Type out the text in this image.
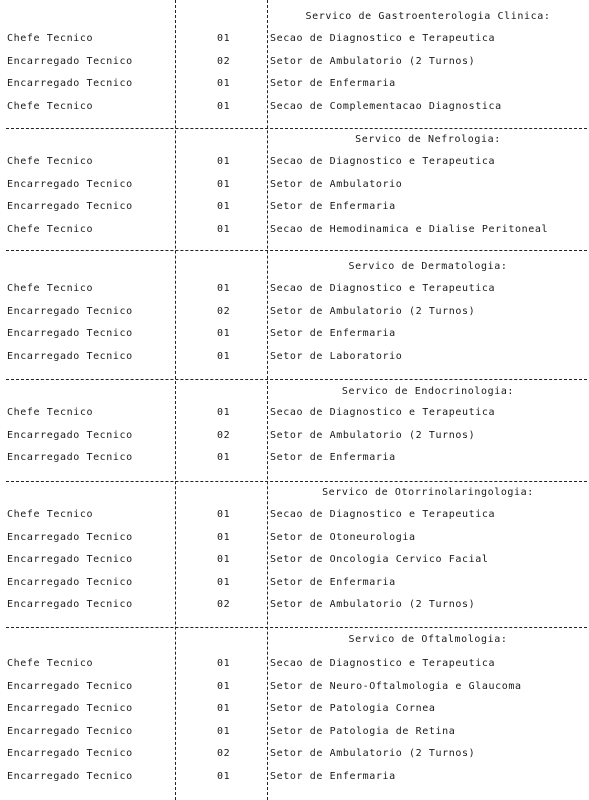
Servico de Gastroenterologia Clinica:
Chefe Tecnico	01	Secao de Diagnostico e Terapeutica
Encarregado Tecnico	02	Setor de Ambulatorio (2 Turnos)
Encarregado Tecnico	01	Setor de Enfermaria
Chefe Tecnico	01	Secao de Complementacao Diagnostica
Servico de Nefrologia:
Chefe Tecnico	01	Secao de Diagnostico e Terapeutica
Encarregado Tecnico	01	Setor de Ambulatorio
Encarregado Tecnico	01	Setor de Enfermaria
Chefe Tecnico	01	Secao de Hemodinamica e Dialise Peritoneal
Servico de Dermatologia:
Chefe Tecnico	01	Secao de Diagnostico e Terapeutica
Encarregado Tecnico	02	Setor de Ambulatorio (2 Turnos)
Encarregado Tecnico	01	Setor de Enfermaria
Encarregado Tecnico	01	Setor de Laboratorio
Servico de Endocrinologia:
Chefe Tecnico	01	Secao de Diagnostico e Terapeutica
Encarregado Tecnico	02	Setor de Ambulatorio (2 Turnos)
Encarregado Tecnico	01	Setor de Enfermaria
Servico de Otorrinolaringologia:
Chefe Tecnico	01	Secao de Diagnostico e Terapeutica
Encarregado Tecnico	01	Setor de Otoneurologia
Encarregado Tecnico	01	Setor de Oncologia Cervico Facial
Encarregado Tecnico	01	Setor de Enfermaria
Encarregado Tecnico	02	Setor de Ambulatorio (2 Turnos)
Servico de Oftalmologia:
Chefe Tecnico	01	Secao de Diagnostico e Terapeutica
Encarregado Tecnico	01	Setor de Neuro-Oftalmologia e Glaucoma
Encarregado Tecnico	01	Setor de Patologia Cornea
Encarregado Tecnico	01	Setor de Patologia de Retina
Encarregado Tecnico	02	Setor de Ambulatorio (2 Turnos)
Encarregado Tecnico	01	Setor de Enfermaria
